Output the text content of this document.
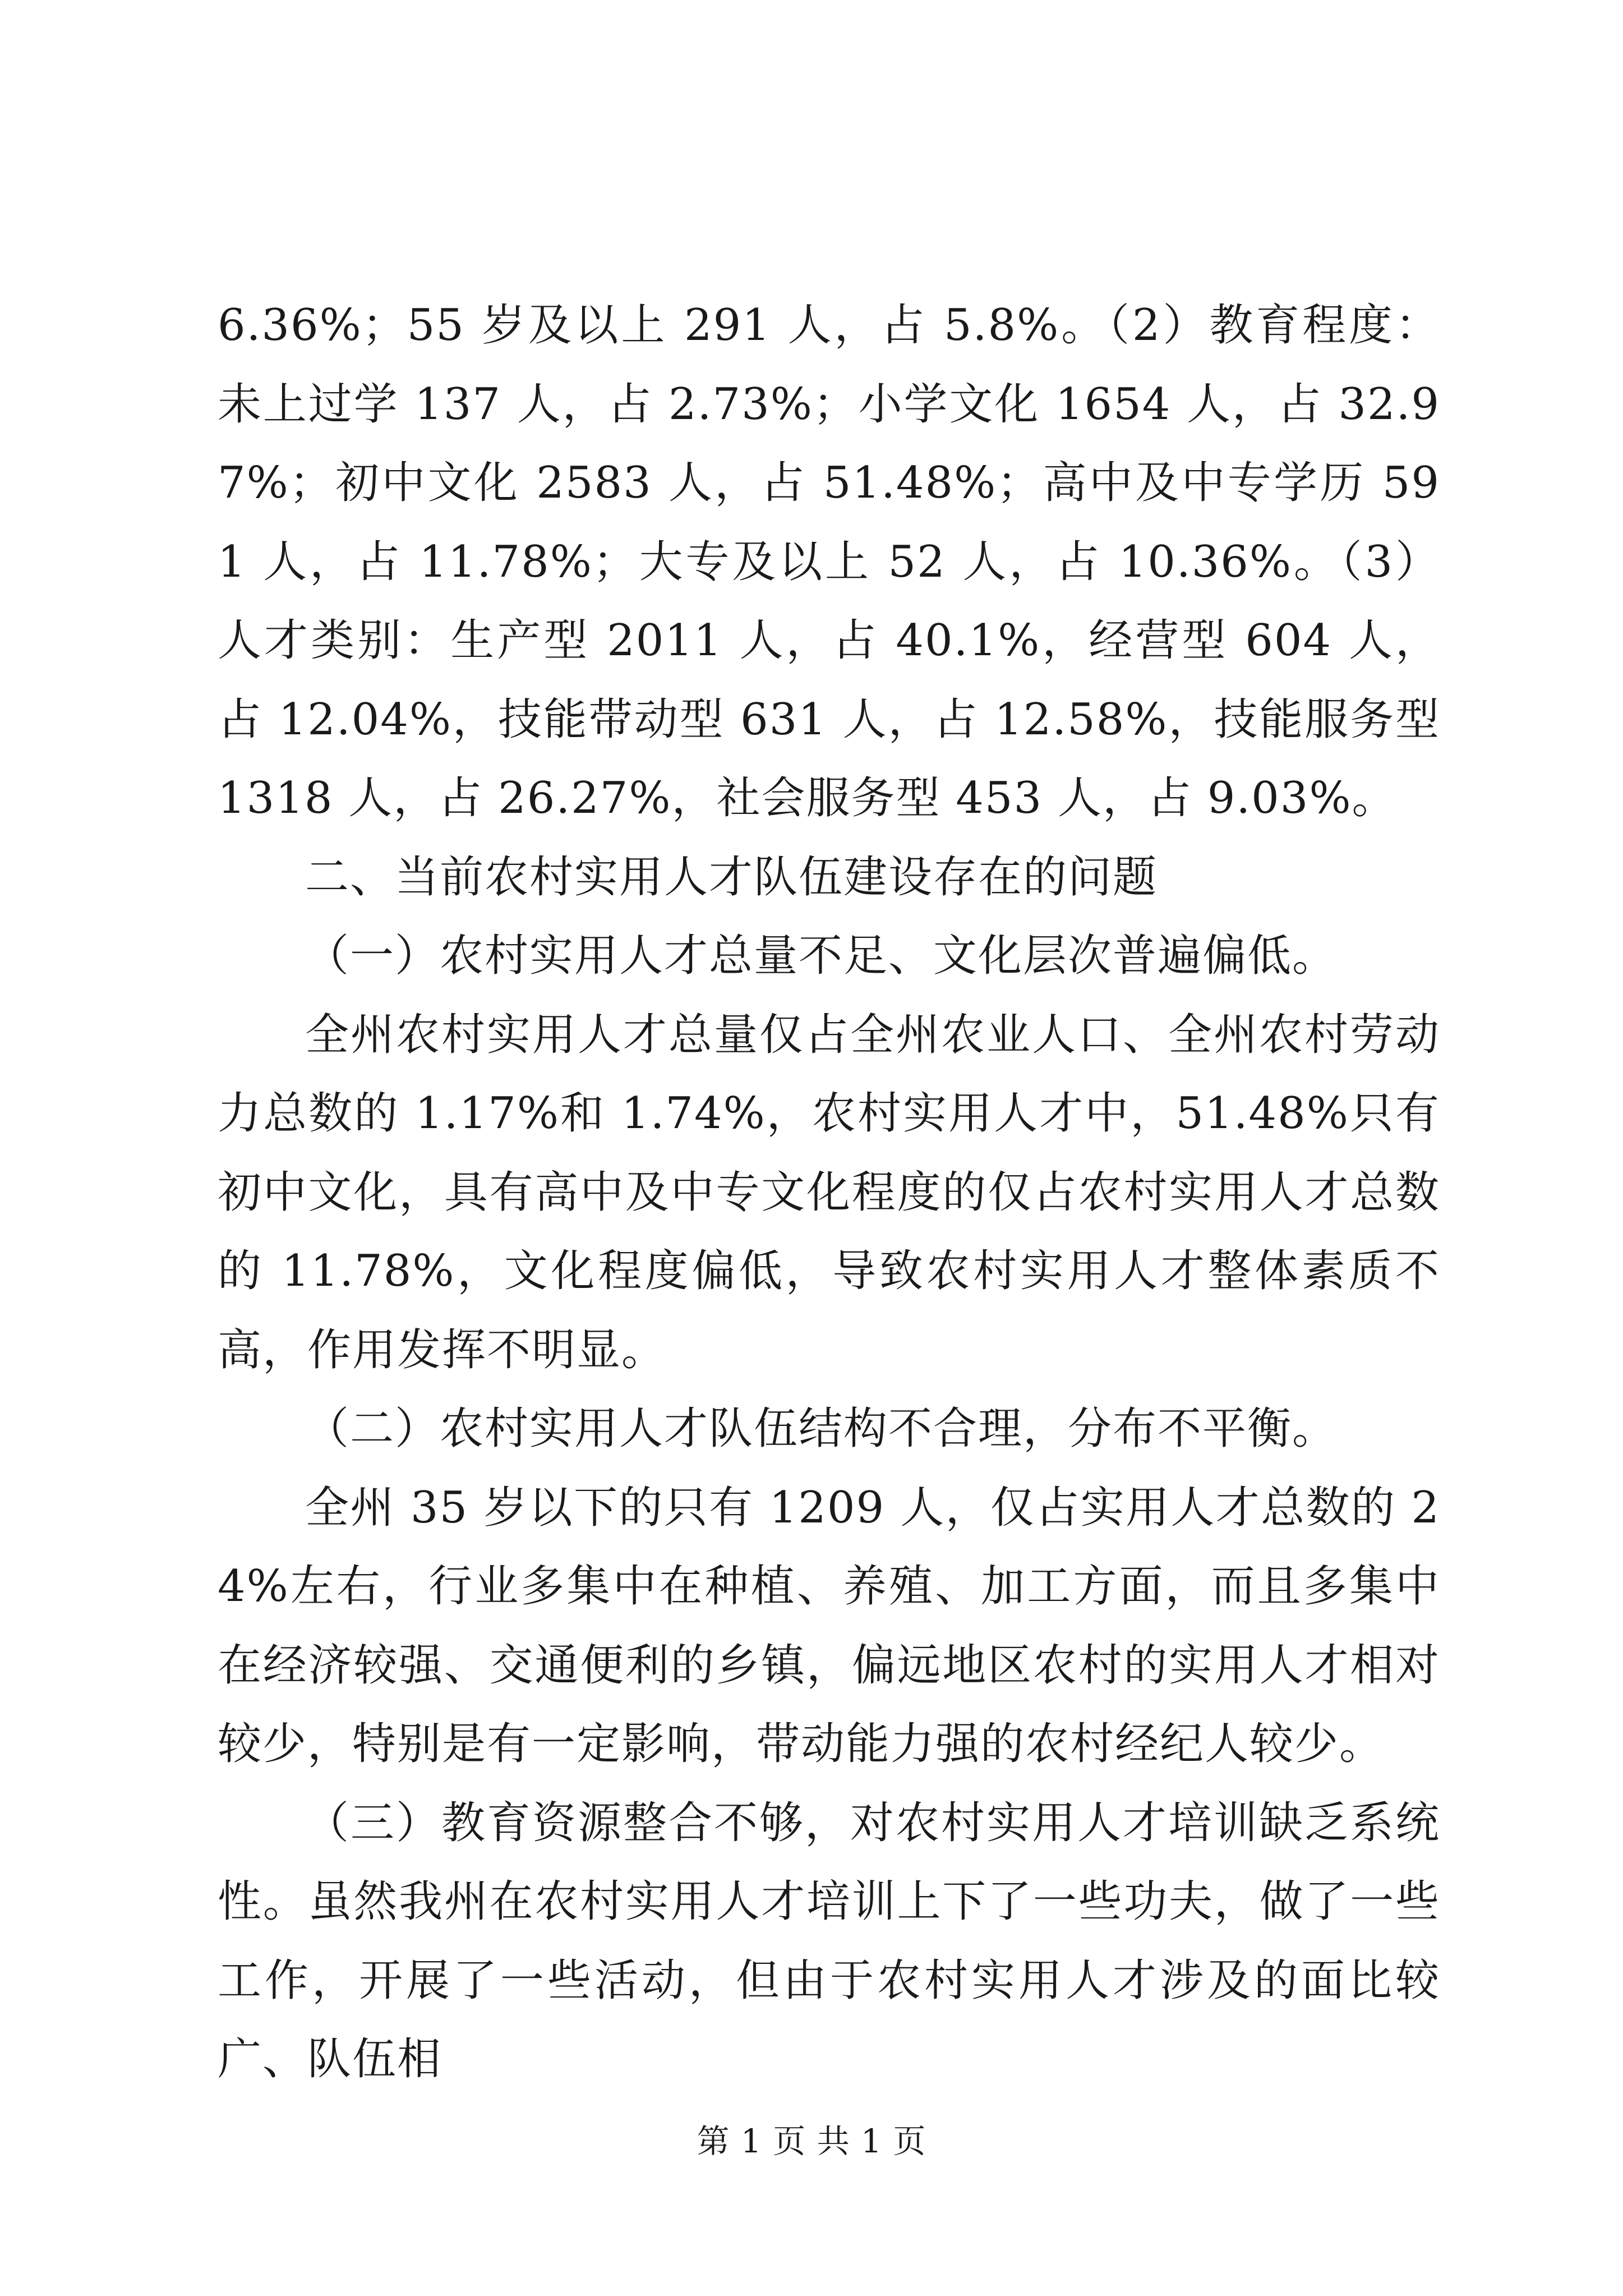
6.36%；55 岁及以上 291 人，占 5.8%。（2）教育程度：未上过学 137 人，占 2.73%；小学文化 1654 人，占 32.97%；初中文化 2583 人，占 51.48%；高中及中专学历 591 人，占 11.78%；大专及以上 52 人，占 10.36%。（3）人才类别：生产型 2011 人，占 40.1%，经营型 604 人，占 12.04%，技能带动型 631 人，占 12.58%，技能服务型 1318 人，占 26.27%，社会服务型 453 人，占 9.03%。

二、当前农村实用人才队伍建设存在的问题

（一）农村实用人才总量不足、文化层次普遍偏低。

全州农村实用人才总量仅占全州农业人口、全州农村劳动力总数的 1.17%和 1.74%，农村实用人才中，51.48%只有初中文化，具有高中及中专文化程度的仅占农村实用人才总数的 11.78%，文化程度偏低，导致农村实用人才整体素质不高，作用发挥不明显。

（二）农村实用人才队伍结构不合理，分布不平衡。

全州 35 岁以下的只有 1209 人，仅占实用人才总数的 24%左右，行业多集中在种植、养殖、加工方面，而且多集中在经济较强、交通便利的乡镇，偏远地区农村的实用人才相对较少，特别是有一定影响，带动能力强的农村经纪人较少。

（三）教育资源整合不够，对农村实用人才培训缺乏系统性。虽然我州在农村实用人才培训上下了一些功夫，做了一些工作，开展了一些活动，但由于农村实用人才涉及的面比较广、队伍相

第 1 页 共 1 页
